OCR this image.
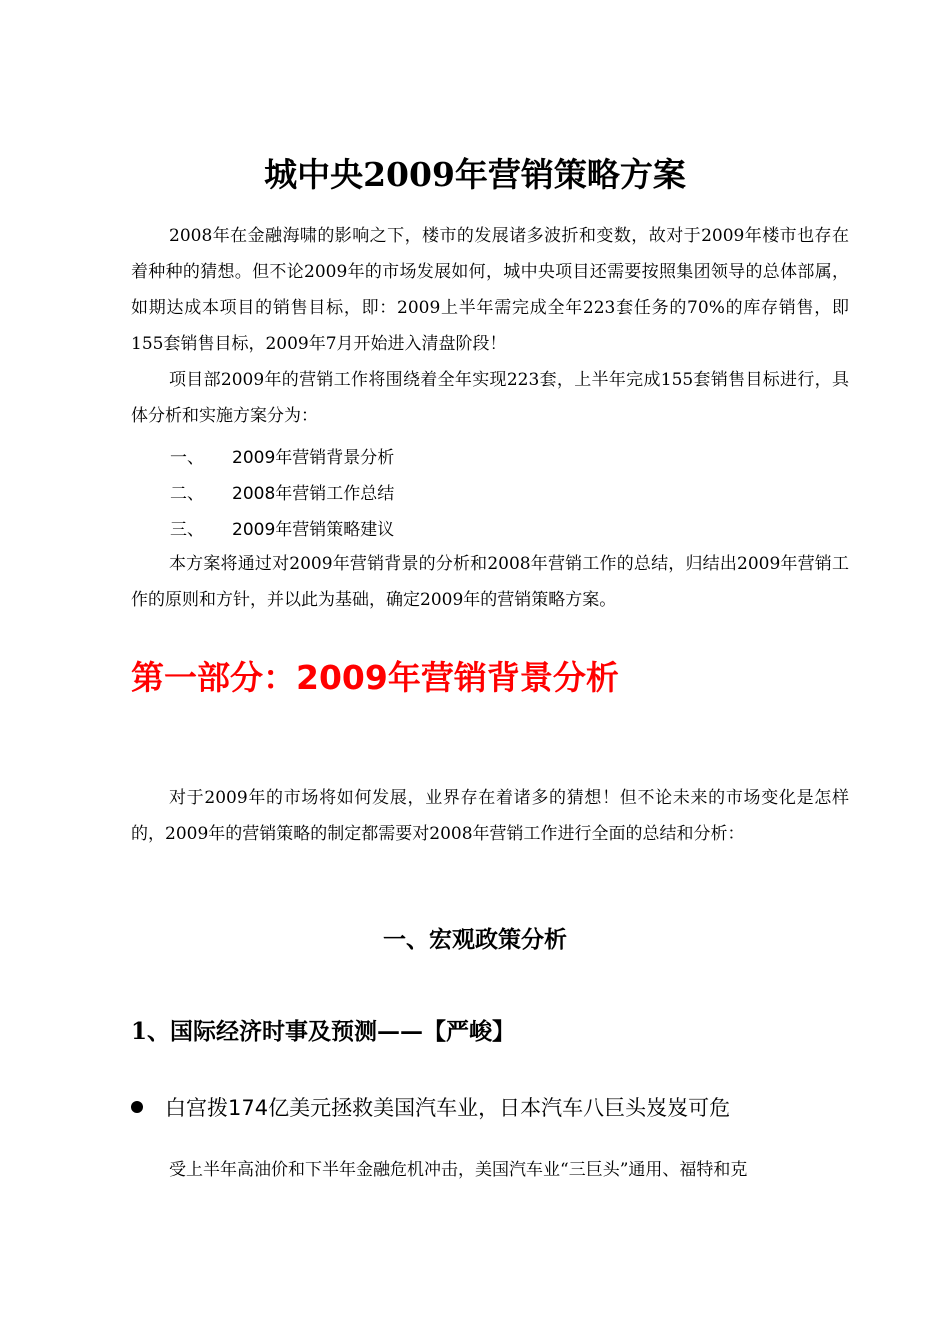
城中央2009年营销策略方案

2008年在金融海啸的影响之下，楼市的发展诸多波折和变数，故对于2009年楼市也存在着种种的猜想。但不论2009年的市场发展如何，城中央项目还需要按照集团领导的总体部属，如期达成本项目的销售目标，即：2009上半年需完成全年223套任务的70%的库存销售，即155套销售目标，2009年7月开始进入清盘阶段！

项目部2009年的营销工作将围绕着全年实现223套，上半年完成155套销售目标进行，具体分析和实施方案分为：

一、 2009年营销背景分析
二、 2008年营销工作总结
三、 2009年营销策略建议

本方案将通过对2009年营销背景的分析和2008年营销工作的总结，归结出2009年营销工作的原则和方针，并以此为基础，确定2009年的营销策略方案。

第一部分：2009年营销背景分析

对于2009年的市场将如何发展，业界存在着诸多的猜想！但不论未来的市场变化是怎样的，2009年的营销策略的制定都需要对2008年营销工作进行全面的总结和分析：

一、宏观政策分析
1、国际经济时事及预测——【严峻】
白宫拨174亿美元拯救美国汽车业，日本汽车八巨头岌岌可危

受上半年高油价和下半年金融危机冲击，美国汽车业“三巨头”通用、福特和克
